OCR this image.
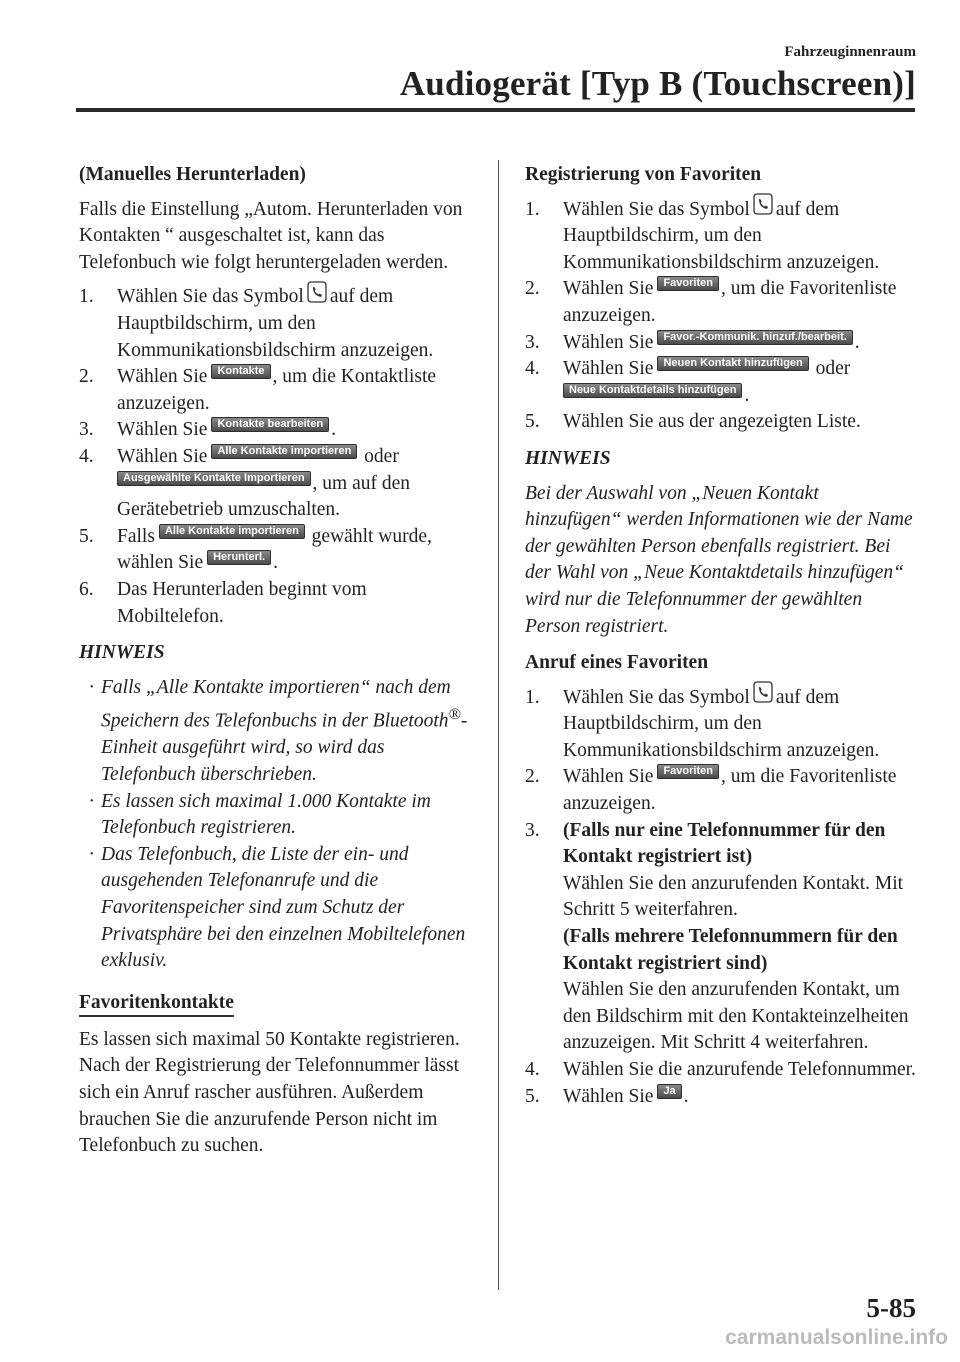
Fahrzeuginnenraum
Audiogerät [Typ B (Touchscreen)]
(Manuelles Herunterladen)
Falls die Einstellung „Autom. Herunterladen von Kontakten “ ausgeschaltet ist, kann das Telefonbuch wie folgt heruntergeladen werden.
1.	Wählen Sie das Symbol auf dem Hauptbildschirm, um den Kommunikationsbildschirm anzuzeigen.
2.	Wählen Sie Kontakte , um die Kontaktliste anzuzeigen.
3.	Wählen Sie Kontakte bearbeiten .
4.	Wählen Sie Alle Kontakte importieren oder
Ausgewählte Kontakte Importieren , um auf den Gerätebetrieb umzuschalten.
5.	Falls Alle Kontakte importieren gewählt wurde, wählen Sie Herunterl. .
6.	Das Herunterladen beginnt vom Mobiltelefon.
HINWEIS
· Falls „Alle Kontakte importieren“ nach dem Speichern des Telefonbuchs in der Bluetooth®-Einheit ausgeführt wird, so wird das Telefonbuch überschrieben.
· Es lassen sich maximal 1.000 Kontakte im Telefonbuch registrieren.
· Das Telefonbuch, die Liste der ein- und ausgehenden Telefonanrufe und die Favoritenspeicher sind zum Schutz der Privatsphäre bei den einzelnen Mobiltelefonen exklusiv.
Favoritenkontakte
Es lassen sich maximal 50 Kontakte registrieren. Nach der Registrierung der Telefonnummer lässt sich ein Anruf rascher ausführen. Außerdem brauchen Sie die anzurufende Person nicht im Telefonbuch zu suchen.
Registrierung von Favoriten
1.	Wählen Sie das Symbol auf dem Hauptbildschirm, um den Kommunikationsbildschirm anzuzeigen.
2.	Wählen Sie Favoriten , um die Favoritenliste anzuzeigen.
3.	Wählen Sie Favor.-Kommunik. hinzuf./bearbeit. .
4.	Wählen Sie Neuen Kontakt hinzufügen oder
Neue Kontaktdetails hinzufügen .
5.	Wählen Sie aus der angezeigten Liste.
HINWEIS
Bei der Auswahl von „Neuen Kontakt hinzufügen“ werden Informationen wie der Name der gewählten Person ebenfalls registriert. Bei der Wahl von „Neue Kontaktdetails hinzufügen“ wird nur die Telefonnummer der gewählten Person registriert.
Anruf eines Favoriten
1.	Wählen Sie das Symbol auf dem Hauptbildschirm, um den Kommunikationsbildschirm anzuzeigen.
2.	Wählen Sie Favoriten , um die Favoritenliste anzuzeigen.
3.	(Falls nur eine Telefonnummer für den Kontakt registriert ist)
Wählen Sie den anzurufenden Kontakt. Mit Schritt 5 weiterfahren.
(Falls mehrere Telefonnummern für den Kontakt registriert sind)
Wählen Sie den anzurufenden Kontakt, um den Bildschirm mit den Kontakteinzelheiten anzuzeigen. Mit Schritt 4 weiterfahren.
4.	Wählen Sie die anzurufende Telefonnummer.
5.	Wählen Sie Ja .
5-85
carmanualsonline.info
